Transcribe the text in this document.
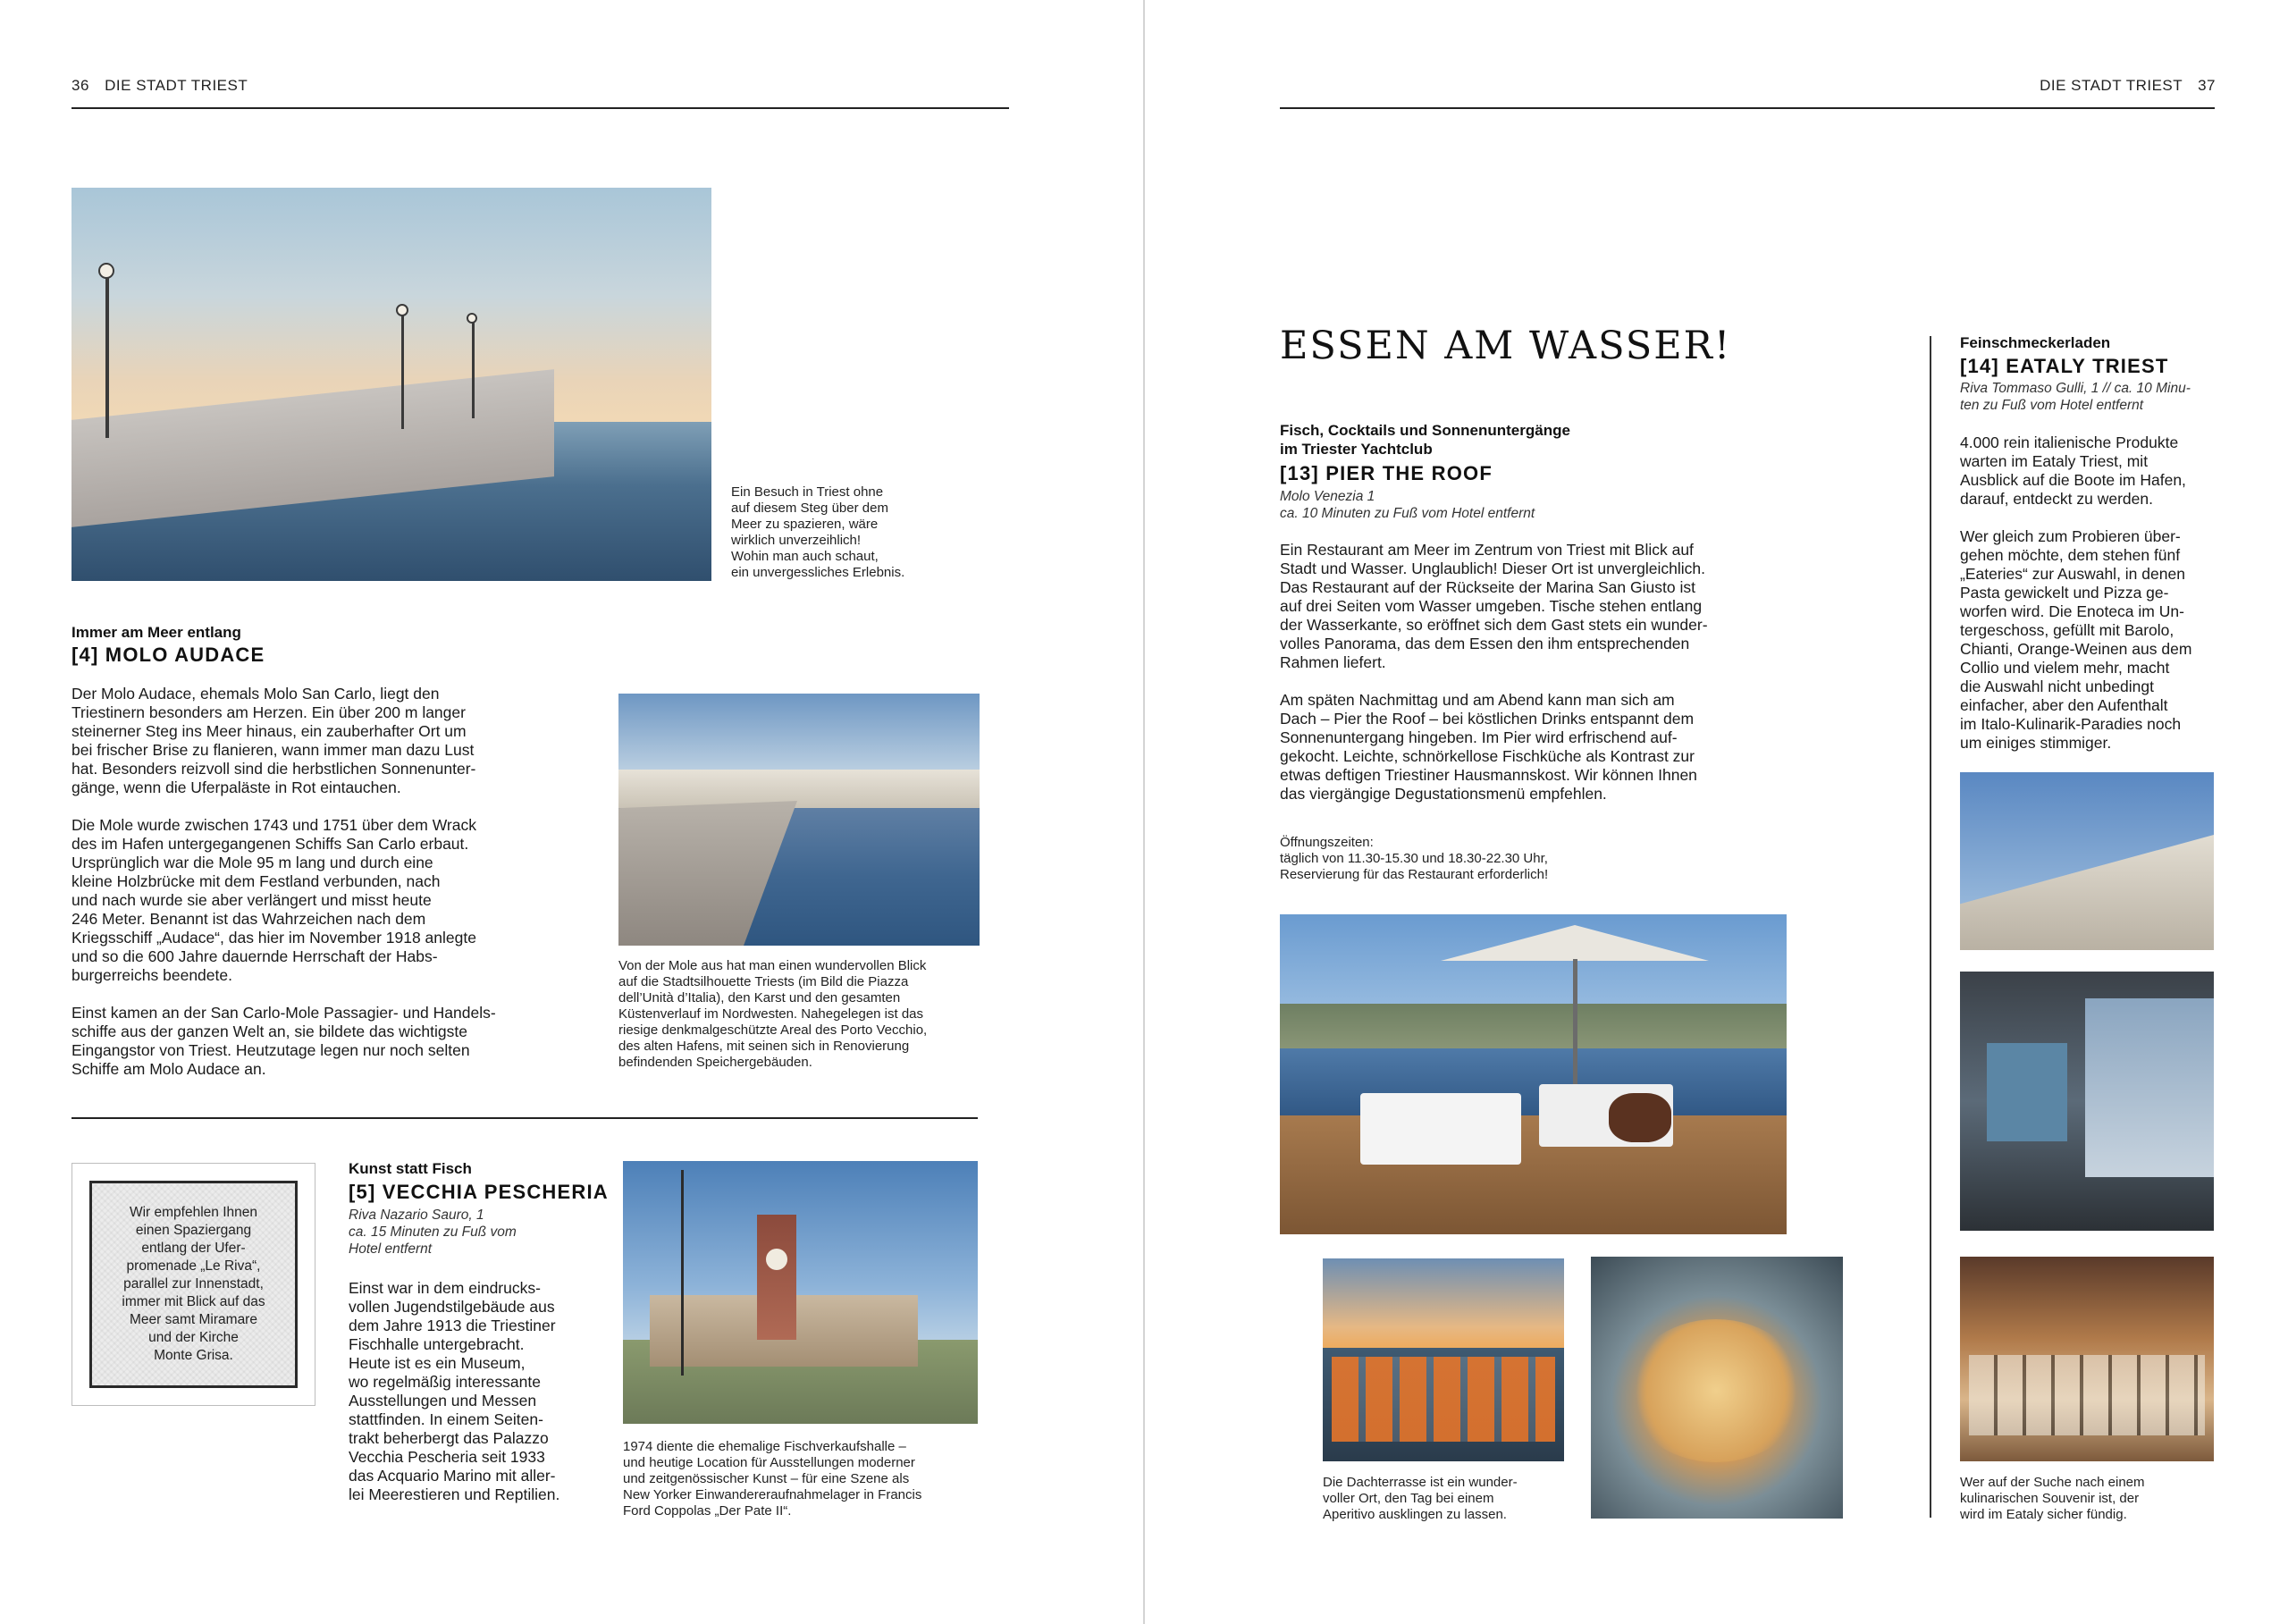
36 DIE STADT TRIEST
Ein Besuch in Triest ohne
auf diesem Steg über dem
Meer zu spazieren, wäre
wirklich unverzeihlich!
Wohin man auch schaut,
ein unvergessliches Erlebnis.
Immer am Meer entlang
[4] MOLO AUDACE

Der Molo Audace, ehemals Molo San Carlo, liegt den
Triestinern besonders am Herzen. Ein über 200 m langer
steinerner Steg ins Meer hinaus, ein zauberhafter Ort um
bei frischer Brise zu flanieren, wann immer man dazu Lust
hat. Besonders reizvoll sind die herbstlichen Sonnenunter-
gänge, wenn die Uferpaläste in Rot eintauchen.

Die Mole wurde zwischen 1743 und 1751 über dem Wrack
des im Hafen untergegangenen Schiffs San Carlo erbaut.
Ursprünglich war die Mole 95 m lang und durch eine
kleine Holzbrücke mit dem Festland verbunden, nach
und nach wurde sie aber verlängert und misst heute
246 Meter. Benannt ist das Wahrzeichen nach dem
Kriegsschiff „Audace“, das hier im November 1918 anlegte
und so die 600 Jahre dauernde Herrschaft der Habs-
burgerreichs beendete.

Einst kamen an der San Carlo-Mole Passagier- und Handels-
schiffe aus der ganzen Welt an, sie bildete das wichtigste
Eingangstor von Triest. Heutzutage legen nur noch selten
Schiffe am Molo Audace an.

Von der Mole aus hat man einen wundervollen Blick
auf die Stadtsilhouette Triests (im Bild die Piazza
dell’Unità d’Italia), den Karst und den gesamten
Küstenverlauf im Nordwesten. Nahegelegen ist das
riesige denkmalgeschützte Areal des Porto Vecchio,
des alten Hafens, mit seinen sich in Renovierung
befindenden Speichergebäuden.
Wir empfehlen Ihnen
einen Spaziergang
entlang der Ufer-
promenade „Le Riva“,
parallel zur Innenstadt,
immer mit Blick auf das
Meer samt Miramare
und der Kirche
Monte Grisa.
Kunst statt Fisch
[5] VECCHIA PESCHERIA
Riva Nazario Sauro, 1
ca. 15 Minuten zu Fuß vom
Hotel entfernt
Einst war in dem eindrucks-
vollen Jugendstilgebäude aus
dem Jahre 1913 die Triestiner
Fischhalle untergebracht.
Heute ist es ein Museum,
wo regelmäßig interessante
Ausstellungen und Messen
stattfinden. In einem Seiten-
trakt beherbergt das Palazzo
Vecchia Pescheria seit 1933
das Acquario Marino mit aller-
lei Meerestieren und Reptilien.
1974 diente die ehemalige Fischverkaufshalle –
und heutige Location für Ausstellungen moderner
und zeitgenössischer Kunst – für eine Szene als
New Yorker Einwandereraufnahmelager in Francis
Ford Coppolas „Der Pate II“.
DIE STADT TRIEST 37
ESSEN AM WASSER!
Fisch, Cocktails und Sonnenuntergänge
im Triester Yachtclub
[13] PIER THE ROOF
Molo Venezia 1
ca. 10 Minuten zu Fuß vom Hotel entfernt

Ein Restaurant am Meer im Zentrum von Triest mit Blick auf
Stadt und Wasser. Unglaublich! Dieser Ort ist unvergleichlich.
Das Restaurant auf der Rückseite der Marina San Giusto ist
auf drei Seiten vom Wasser umgeben. Tische stehen entlang
der Wasserkante, so eröffnet sich dem Gast stets ein wunder-
volles Panorama, das dem Essen den ihm entsprechenden
Rahmen liefert.

Am späten Nachmittag und am Abend kann man sich am
Dach – Pier the Roof – bei köstlichen Drinks entspannt dem
Sonnenuntergang hingeben. Im Pier wird erfrischend auf-
gekocht. Leichte, schnörkellose Fischküche als Kontrast zur
etwas deftigen Triestiner Hausmannskost. Wir können Ihnen
das viergängige Degustationsmenü empfehlen.

Öffnungszeiten:
täglich von 11.30-15.30 und 18.30-22.30 Uhr,
Reservierung für das Restaurant erforderlich!
Die Dachterrasse ist ein wunder-
voller Ort, den Tag bei einem
Aperitivo ausklingen zu lassen.
Feinschmeckerladen
[14] EATALY TRIEST
Riva Tommaso Gulli, 1 // ca. 10 Minu-
ten zu Fuß vom Hotel entfernt

4.000 rein italienische Produkte
warten im Eataly Triest, mit
Ausblick auf die Boote im Hafen,
darauf, entdeckt zu werden.

Wer gleich zum Probieren über-
gehen möchte, dem stehen fünf
„Eateries“ zur Auswahl, in denen
Pasta gewickelt und Pizza ge-
worfen wird. Die Enoteca im Un-
tergeschoss, gefüllt mit Barolo,
Chianti, Orange-Weinen aus dem
Collio und vielem mehr, macht
die Auswahl nicht unbedingt
einfacher, aber den Aufenthalt
im Italo-Kulinarik-Paradies noch
um einiges stimmiger.

Wer auf der Suche nach einem
kulinarischen Souvenir ist, der
wird im Eataly sicher fündig.
